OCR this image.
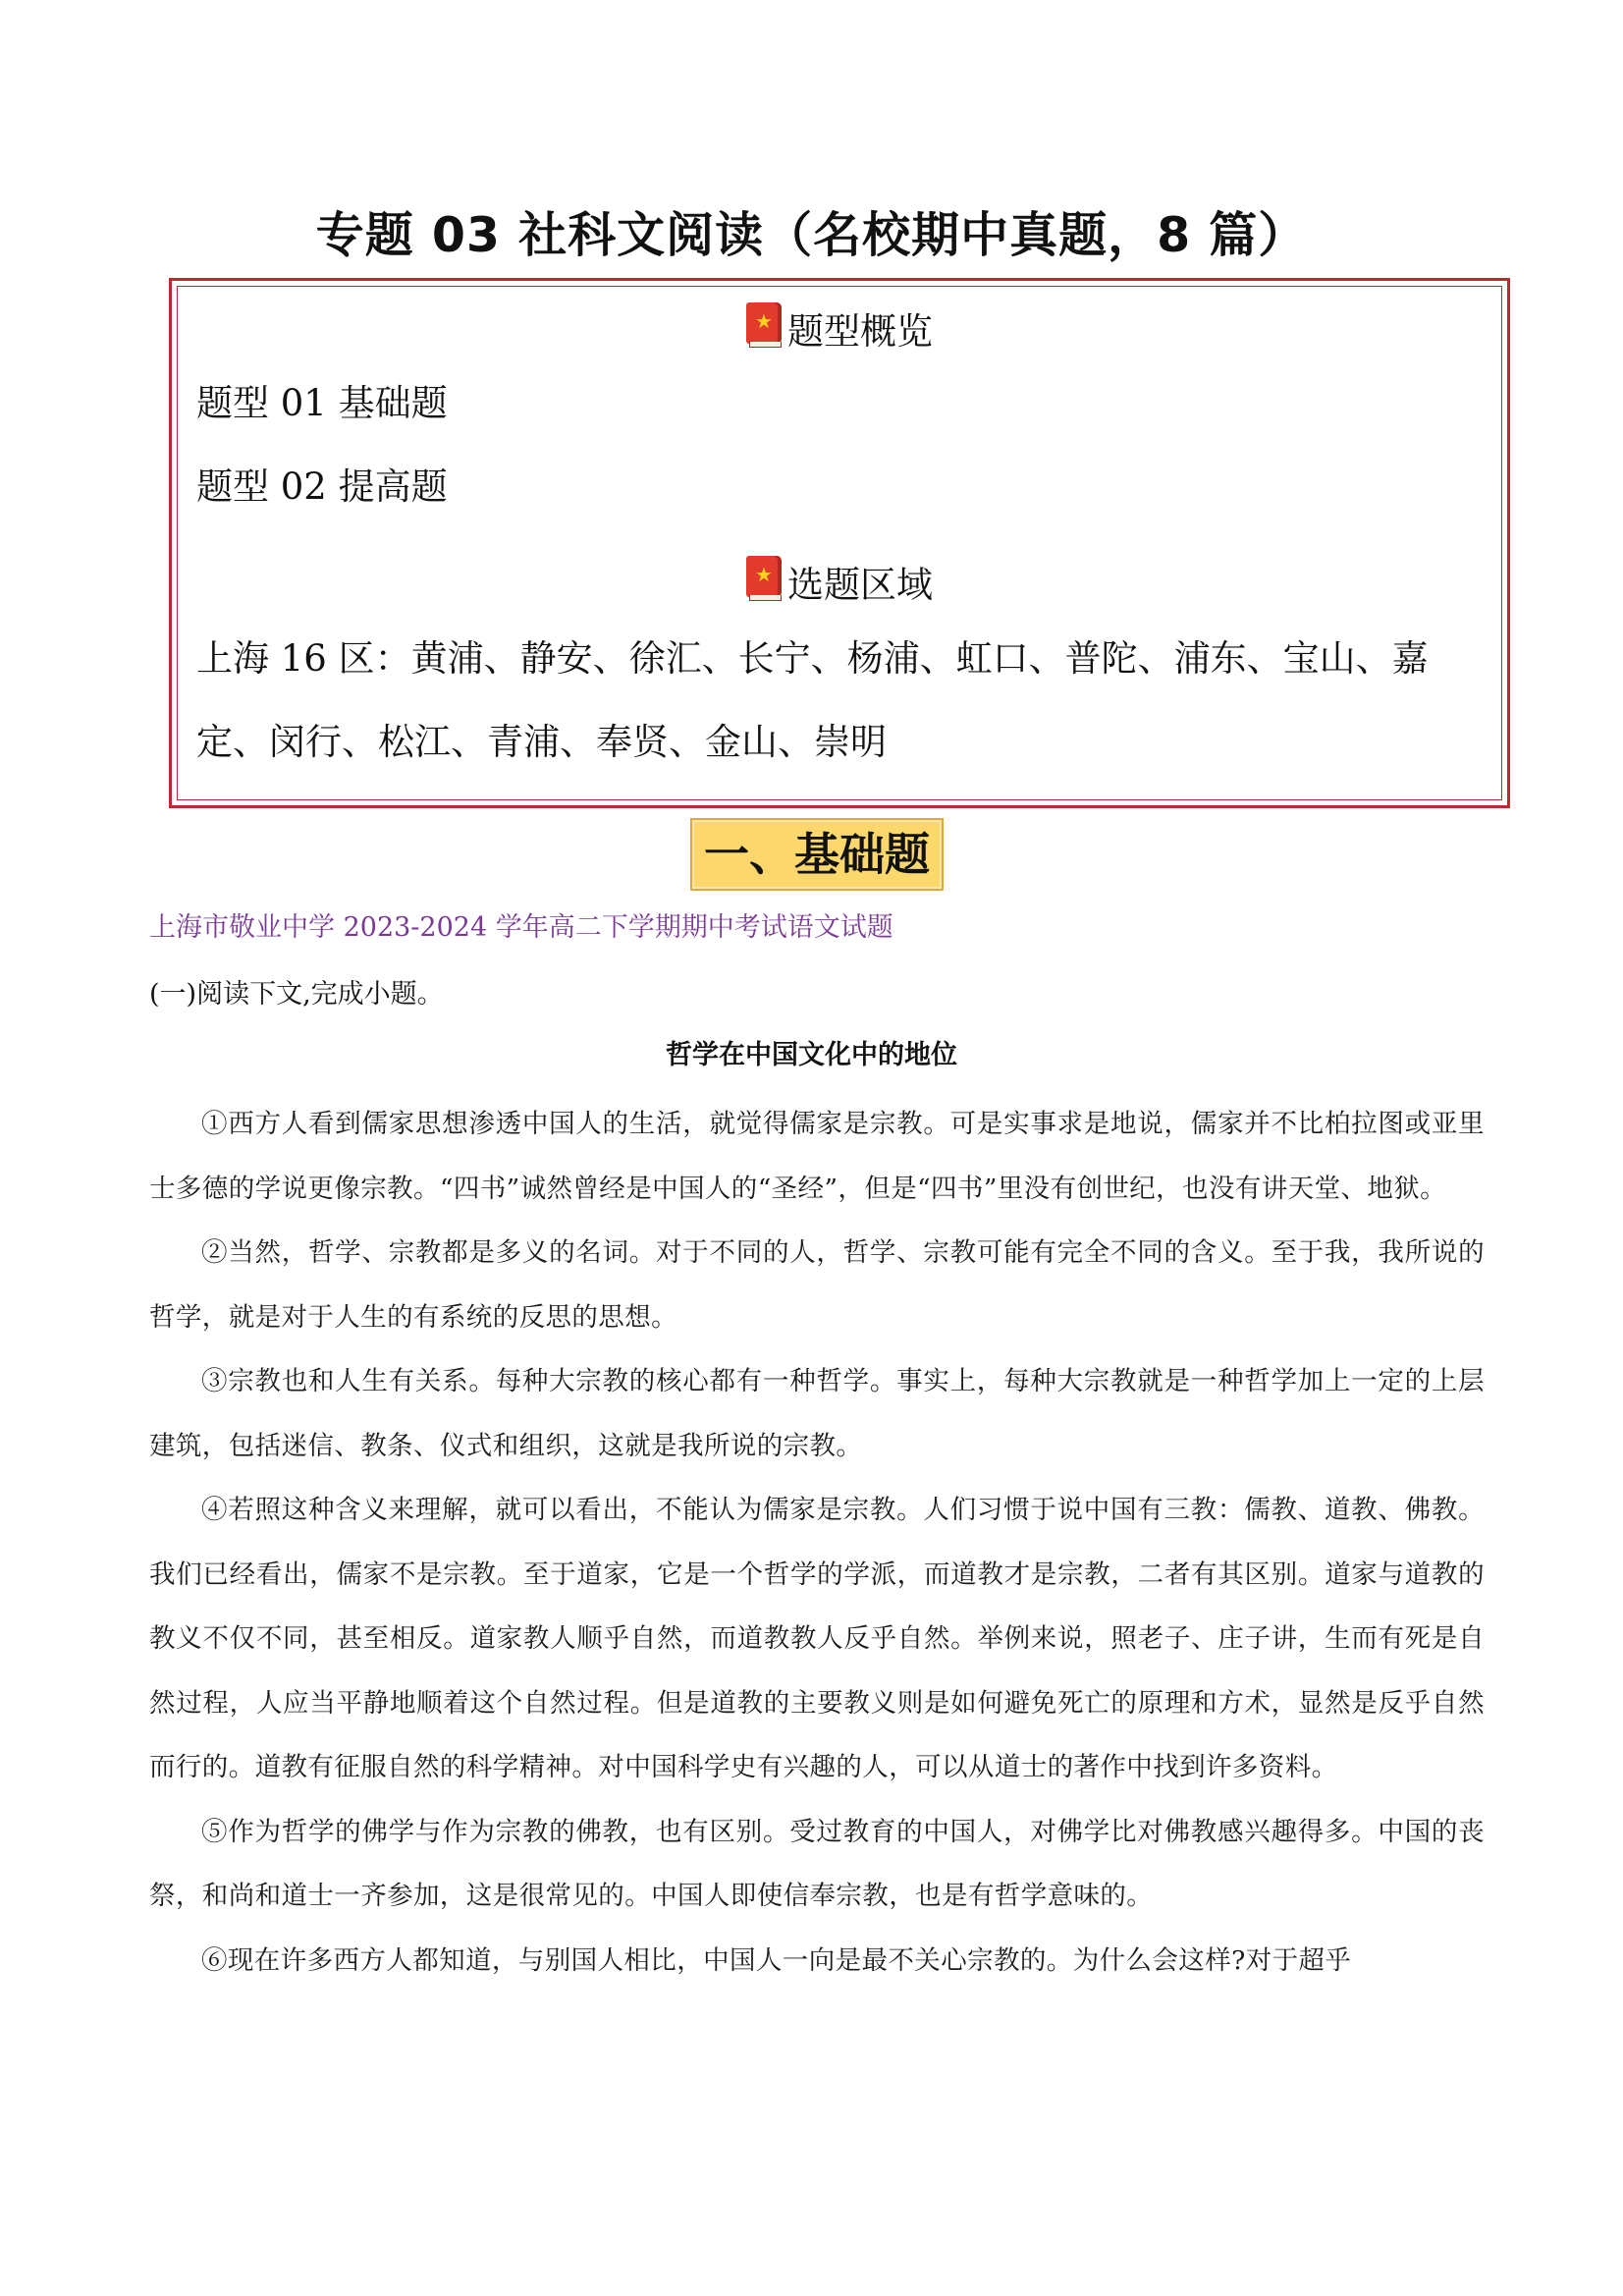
专题 03 社科文阅读（名校期中真题，8 篇）
★ 题型概览
题型 01 基础题
题型 02 提高题
★ 选题区域
上海 16 区：黄浦、静安、徐汇、长宁、杨浦、虹口、普陀、浦东、宝山、嘉
定、闵行、松江、青浦、奉贤、金山、崇明
一、基础题
上海市敬业中学 2023-2024 学年高二下学期期中考试语文试题
(一)阅读下文,完成小题。
哲学在中国文化中的地位

①西方人看到儒家思想渗透中国人的生活，就觉得儒家是宗教。可是实事求是地说，儒家并不比柏拉图或亚里士多德的学说更像宗教。“四书”诚然曾经是中国人的“圣经”，但是“四书”里没有创世纪，也没有讲天堂、地狱。

②当然，哲学、宗教都是多义的名词。对于不同的人，哲学、宗教可能有完全不同的含义。至于我，我所说的哲学，就是对于人生的有系统的反思的思想。

③宗教也和人生有关系。每种大宗教的核心都有一种哲学。事实上，每种大宗教就是一种哲学加上一定的上层建筑，包括迷信、教条、仪式和组织，这就是我所说的宗教。

④若照这种含义来理解，就可以看出，不能认为儒家是宗教。人们习惯于说中国有三教：儒教、道教、佛教。我们已经看出，儒家不是宗教。至于道家，它是一个哲学的学派，而道教才是宗教，二者有其区别。道家与道教的教义不仅不同，甚至相反。道家教人顺乎自然，而道教教人反乎自然。举例来说，照老子、庄子讲，生而有死是自然过程，人应当平静地顺着这个自然过程。但是道教的主要教义则是如何避免死亡的原理和方术，显然是反乎自然而行的。道教有征服自然的科学精神。对中国科学史有兴趣的人，可以从道士的著作中找到许多资料。

⑤作为哲学的佛学与作为宗教的佛教，也有区别。受过教育的中国人，对佛学比对佛教感兴趣得多。中国的丧祭，和尚和道士一齐参加，这是很常见的。中国人即使信奉宗教，也是有哲学意味的。

⑥现在许多西方人都知道，与别国人相比，中国人一向是最不关心宗教的。为什么会这样?对于超乎
